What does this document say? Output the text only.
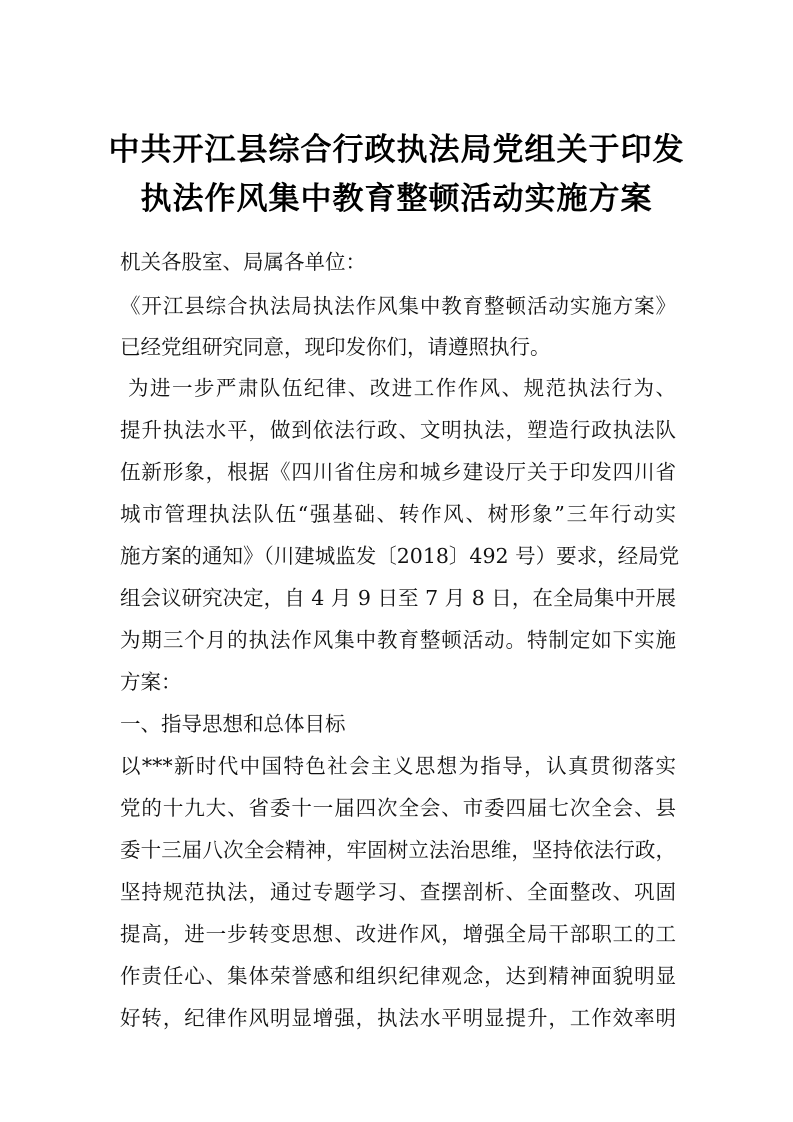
中共开江县综合行政执法局党组关于印发
执法作风集中教育整顿活动实施方案
机关各股室、局属各单位：
《开江县综合执法局执法作风集中教育整顿活动实施方案》
已经党组研究同意，现印发你们，请遵照执行。
为进一步严肃队伍纪律、改进工作作风、规范执法行为、
提升执法水平，做到依法行政、文明执法，塑造行政执法队
伍新形象，根据《四川省住房和城乡建设厅关于印发四川省
城市管理执法队伍“强基础、转作风、树形象”三年行动实
施方案的通知》（川建城监发〔2018〕492 号）要求，经局党
组会议研究决定，自 4 月 9 日至 7 月 8 日，在全局集中开展
为期三个月的执法作风集中教育整顿活动。特制定如下实施
方案：
一、指导思想和总体目标
以***新时代中国特色社会主义思想为指导，认真贯彻落实
党的十九大、省委十一届四次全会、市委四届七次全会、县
委十三届八次全会精神，牢固树立法治思维，坚持依法行政，
坚持规范执法，通过专题学习、查摆剖析、全面整改、巩固
提高，进一步转变思想、改进作风，增强全局干部职工的工
作责任心、集体荣誉感和组织纪律观念，达到精神面貌明显
好转，纪律作风明显增强，执法水平明显提升，工作效率明
